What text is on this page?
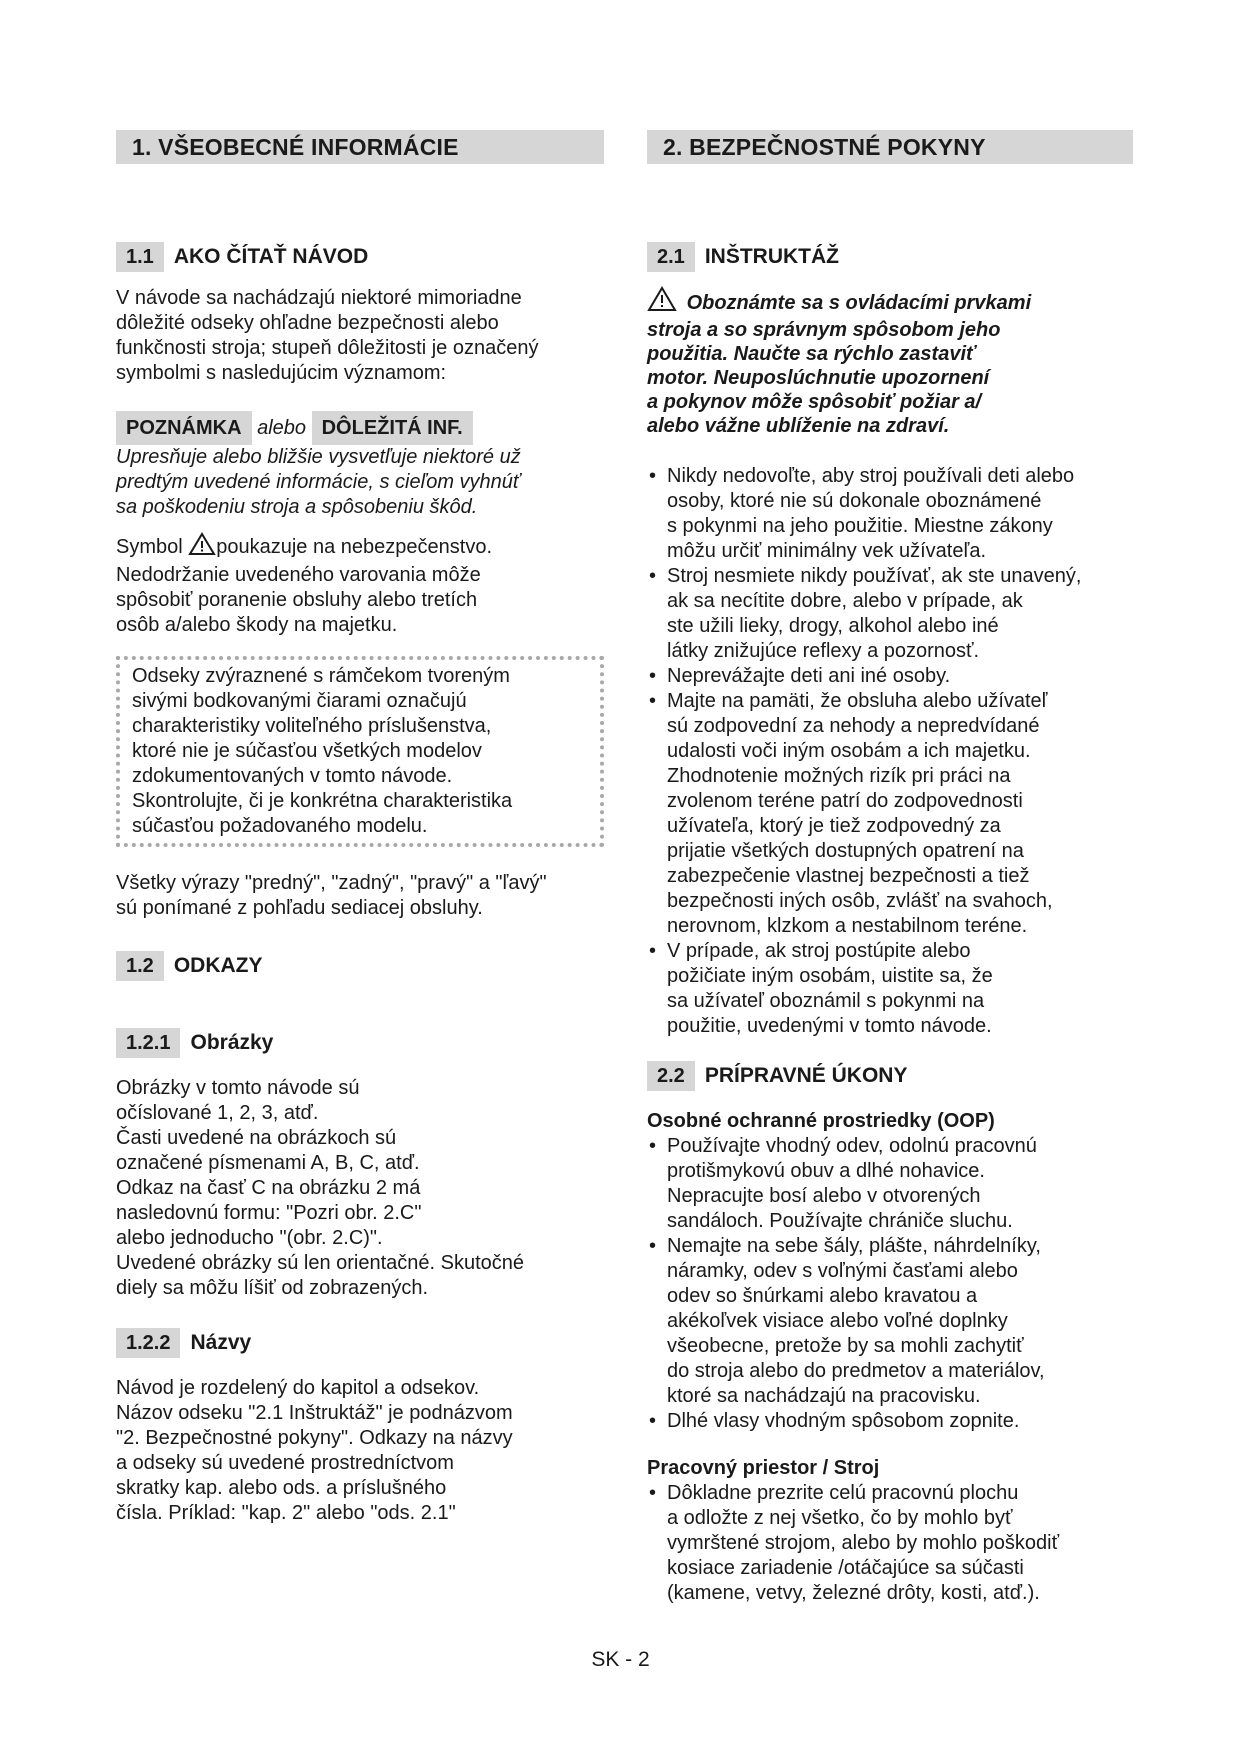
1. VŠEOBECNÉ INFORMÁCIE
1.1 AKO ČÍTAŤ NÁVOD
V návode sa nachádzajú niektoré mimoriadne
dôležité odseky ohľadne bezpečnosti alebo
funkčnosti stroja; stupeň dôležitosti je označený
symbolmi s nasledujúcim významom:
POZNÁMKA alebo DÔLEŽITÁ INF.
Upresňuje alebo bližšie vysvetľuje niektoré už
predtým uvedené informácie, s cieľom vyhnúť
sa poškodeniu stroja a spôsobeniu škôd.
Symbol poukazuje na nebezpečenstvo.
Nedodržanie uvedeného varovania môže
spôsobiť poranenie obsluhy alebo tretích
osôb a/alebo škody na majetku.
Odseky zvýraznené s rámčekom tvoreným
sivými bodkovanými čiarami označujú
charakteristiky voliteľného príslušenstva,
ktoré nie je súčasťou všetkých modelov
zdokumentovaných v tomto návode.
Skontrolujte, či je konkrétna charakteristika
súčasťou požadovaného modelu.
Všetky výrazy "predný", "zadný", "pravý" a "ľavý"
sú ponímané z pohľadu sediacej obsluhy.
1.2 ODKAZY
1.2.1 Obrázky
Obrázky v tomto návode sú
očíslované 1, 2, 3, atď.
Časti uvedené na obrázkoch sú
označené písmenami A, B, C, atď.
Odkaz na časť C na obrázku 2 má
nasledovnú formu: "Pozri obr. 2.C"
alebo jednoducho "(obr. 2.C)".
Uvedené obrázky sú len orientačné. Skutočné
diely sa môžu líšiť od zobrazených.
1.2.2 Názvy
Návod je rozdelený do kapitol a odsekov.
Názov odseku "2.1 Inštruktáž" je podnázvom
"2. Bezpečnostné pokyny". Odkazy na názvy
a odseky sú uvedené prostredníctvom
skratky kap. alebo ods. a príslušného
čísla. Príklad: "kap. 2" alebo "ods. 2.1"
2. BEZPEČNOSTNÉ POKYNY
2.1 INŠTRUKTÁŽ
Oboznámte sa s ovládacími prvkami
stroja a so správnym spôsobom jeho
použitia. Naučte sa rýchlo zastaviť
motor. Neuposlúchnutie upozornení
a pokynov môže spôsobiť požiar a/
alebo vážne ublíženie na zdraví.
• Nikdy nedovoľte, aby stroj používali deti alebo
osoby, ktoré nie sú dokonale oboznámené
s pokynmi na jeho použitie. Miestne zákony
môžu určiť minimálny vek užívateľa.
• Stroj nesmiete nikdy používať, ak ste unavený,
ak sa necítite dobre, alebo v prípade, ak
ste užili lieky, drogy, alkohol alebo iné
látky znižujúce reflexy a pozornosť.
• Neprevážajte deti ani iné osoby.
• Majte na pamäti, že obsluha alebo užívateľ
sú zodpovední za nehody a nepredvídané
udalosti voči iným osobám a ich majetku.
Zhodnotenie možných rizík pri práci na
zvolenom teréne patrí do zodpovednosti
užívateľa, ktorý je tiež zodpovedný za
prijatie všetkých dostupných opatrení na
zabezpečenie vlastnej bezpečnosti a tiež
bezpečnosti iných osôb, zvlášť na svahoch,
nerovnom, klzkom a nestabilnom teréne.
• V prípade, ak stroj postúpite alebo
požičiate iným osobám, uistite sa, že
sa užívateľ oboznámil s pokynmi na
použitie, uvedenými v tomto návode.
2.2 PRÍPRAVNÉ ÚKONY
Osobné ochranné prostriedky (OOP)
• Používajte vhodný odev, odolnú pracovnú
protišmykovú obuv a dlhé nohavice.
Nepracujte bosí alebo v otvorených
sandáloch. Používajte chrániče sluchu.
• Nemajte na sebe šály, plášte, náhrdelníky,
náramky, odev s voľnými časťami alebo
odev so šnúrkami alebo kravatou a
akékoľvek visiace alebo voľné doplnky
všeobecne, pretože by sa mohli zachytiť
do stroja alebo do predmetov a materiálov,
ktoré sa nachádzajú na pracovisku.
• Dlhé vlasy vhodným spôsobom zopnite.
Pracovný priestor / Stroj
• Dôkladne prezrite celú pracovnú plochu
a odložte z nej všetko, čo by mohlo byť
vymrštené strojom, alebo by mohlo poškodiť
kosiace zariadenie /otáčajúce sa súčasti
(kamene, vetvy, železné drôty, kosti, atď.).
SK - 2
